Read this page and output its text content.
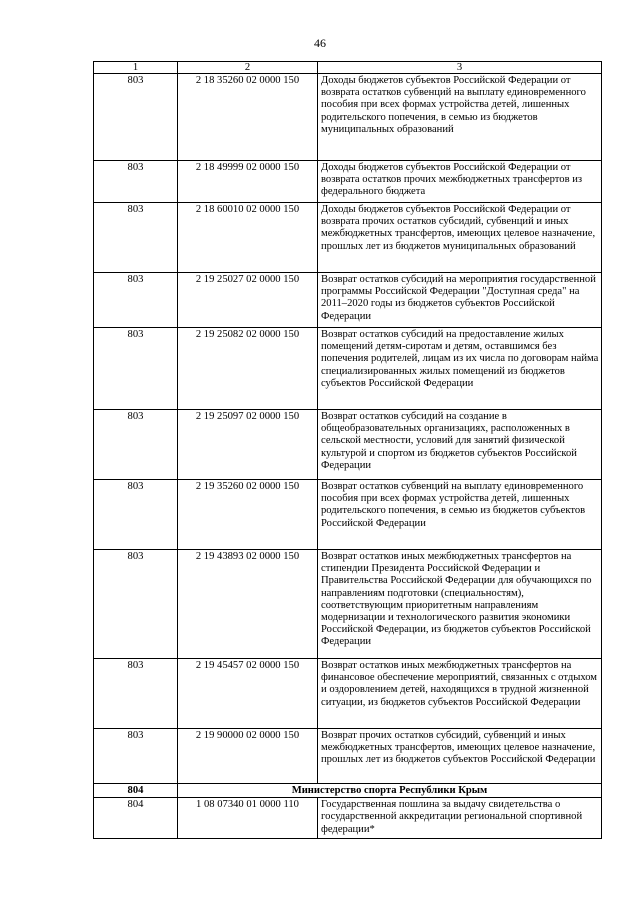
46
1	2	3
803	2 18 35260 02 0000 150	Доходы бюджетов субъектов Российской Федерации от возврата остатков субвенций на выплату единовременного пособия при всех формах устройства детей, лишенных родительского попечения, в семью из бюджетов муниципальных образований
803	2 18 49999 02 0000 150	Доходы бюджетов субъектов Российской Федерации от возврата остатков прочих межбюджетных трансфертов из федерального бюджета
803	2 18 60010 02 0000 150	Доходы бюджетов субъектов Российской Федерации от возврата прочих остатков субсидий, субвенций и иных межбюджетных трансфертов, имеющих целевое назначение, прошлых лет из бюджетов муниципальных образований
803	2 19 25027 02 0000 150	Возврат остатков субсидий на мероприятия государственной программы Российской Федерации "Доступная среда" на 2011–2020 годы из бюджетов субъектов Российской Федерации
803	2 19 25082 02 0000 150	Возврат остатков субсидий на предоставление жилых помещений детям-сиротам и детям, оставшимся без попечения родителей, лицам из их числа по договорам найма специализированных жилых помещений из бюджетов субъектов Российской Федерации
803	2 19 25097 02 0000 150	Возврат остатков субсидий на создание в общеобразовательных организациях, расположенных в сельской местности, условий для занятий физической культурой и спортом из бюджетов субъектов Российской Федерации
803	2 19 35260 02 0000 150	Возврат остатков субвенций на выплату единовременного пособия при всех формах устройства детей, лишенных родительского попечения, в семью из бюджетов субъектов Российской Федерации
803	2 19 43893 02 0000 150	Возврат остатков иных межбюджетных трансфертов на стипендии Президента Российской Федерации и Правительства Российской Федерации для обучающихся по направлениям подготовки (специальностям), соответствующим приоритетным направлениям модернизации и технологического развития экономики Российской Федерации, из бюджетов субъектов Российской Федерации
803	2 19 45457 02 0000 150	Возврат остатков иных межбюджетных трансфертов на финансовое обеспечение мероприятий, связанных с отдыхом и оздоровлением детей, находящихся в трудной жизненной ситуации, из бюджетов субъектов Российской Федерации
803	2 19 90000 02 0000 150	Возврат прочих остатков субсидий, субвенций и иных межбюджетных трансфертов, имеющих целевое назначение, прошлых лет из бюджетов субъектов Российской Федерации
804	Министерство спорта Республики Крым	
804	1 08 07340 01 0000 110	Государственная пошлина за выдачу свидетельства о государственной аккредитации региональной спортивной федерации*
